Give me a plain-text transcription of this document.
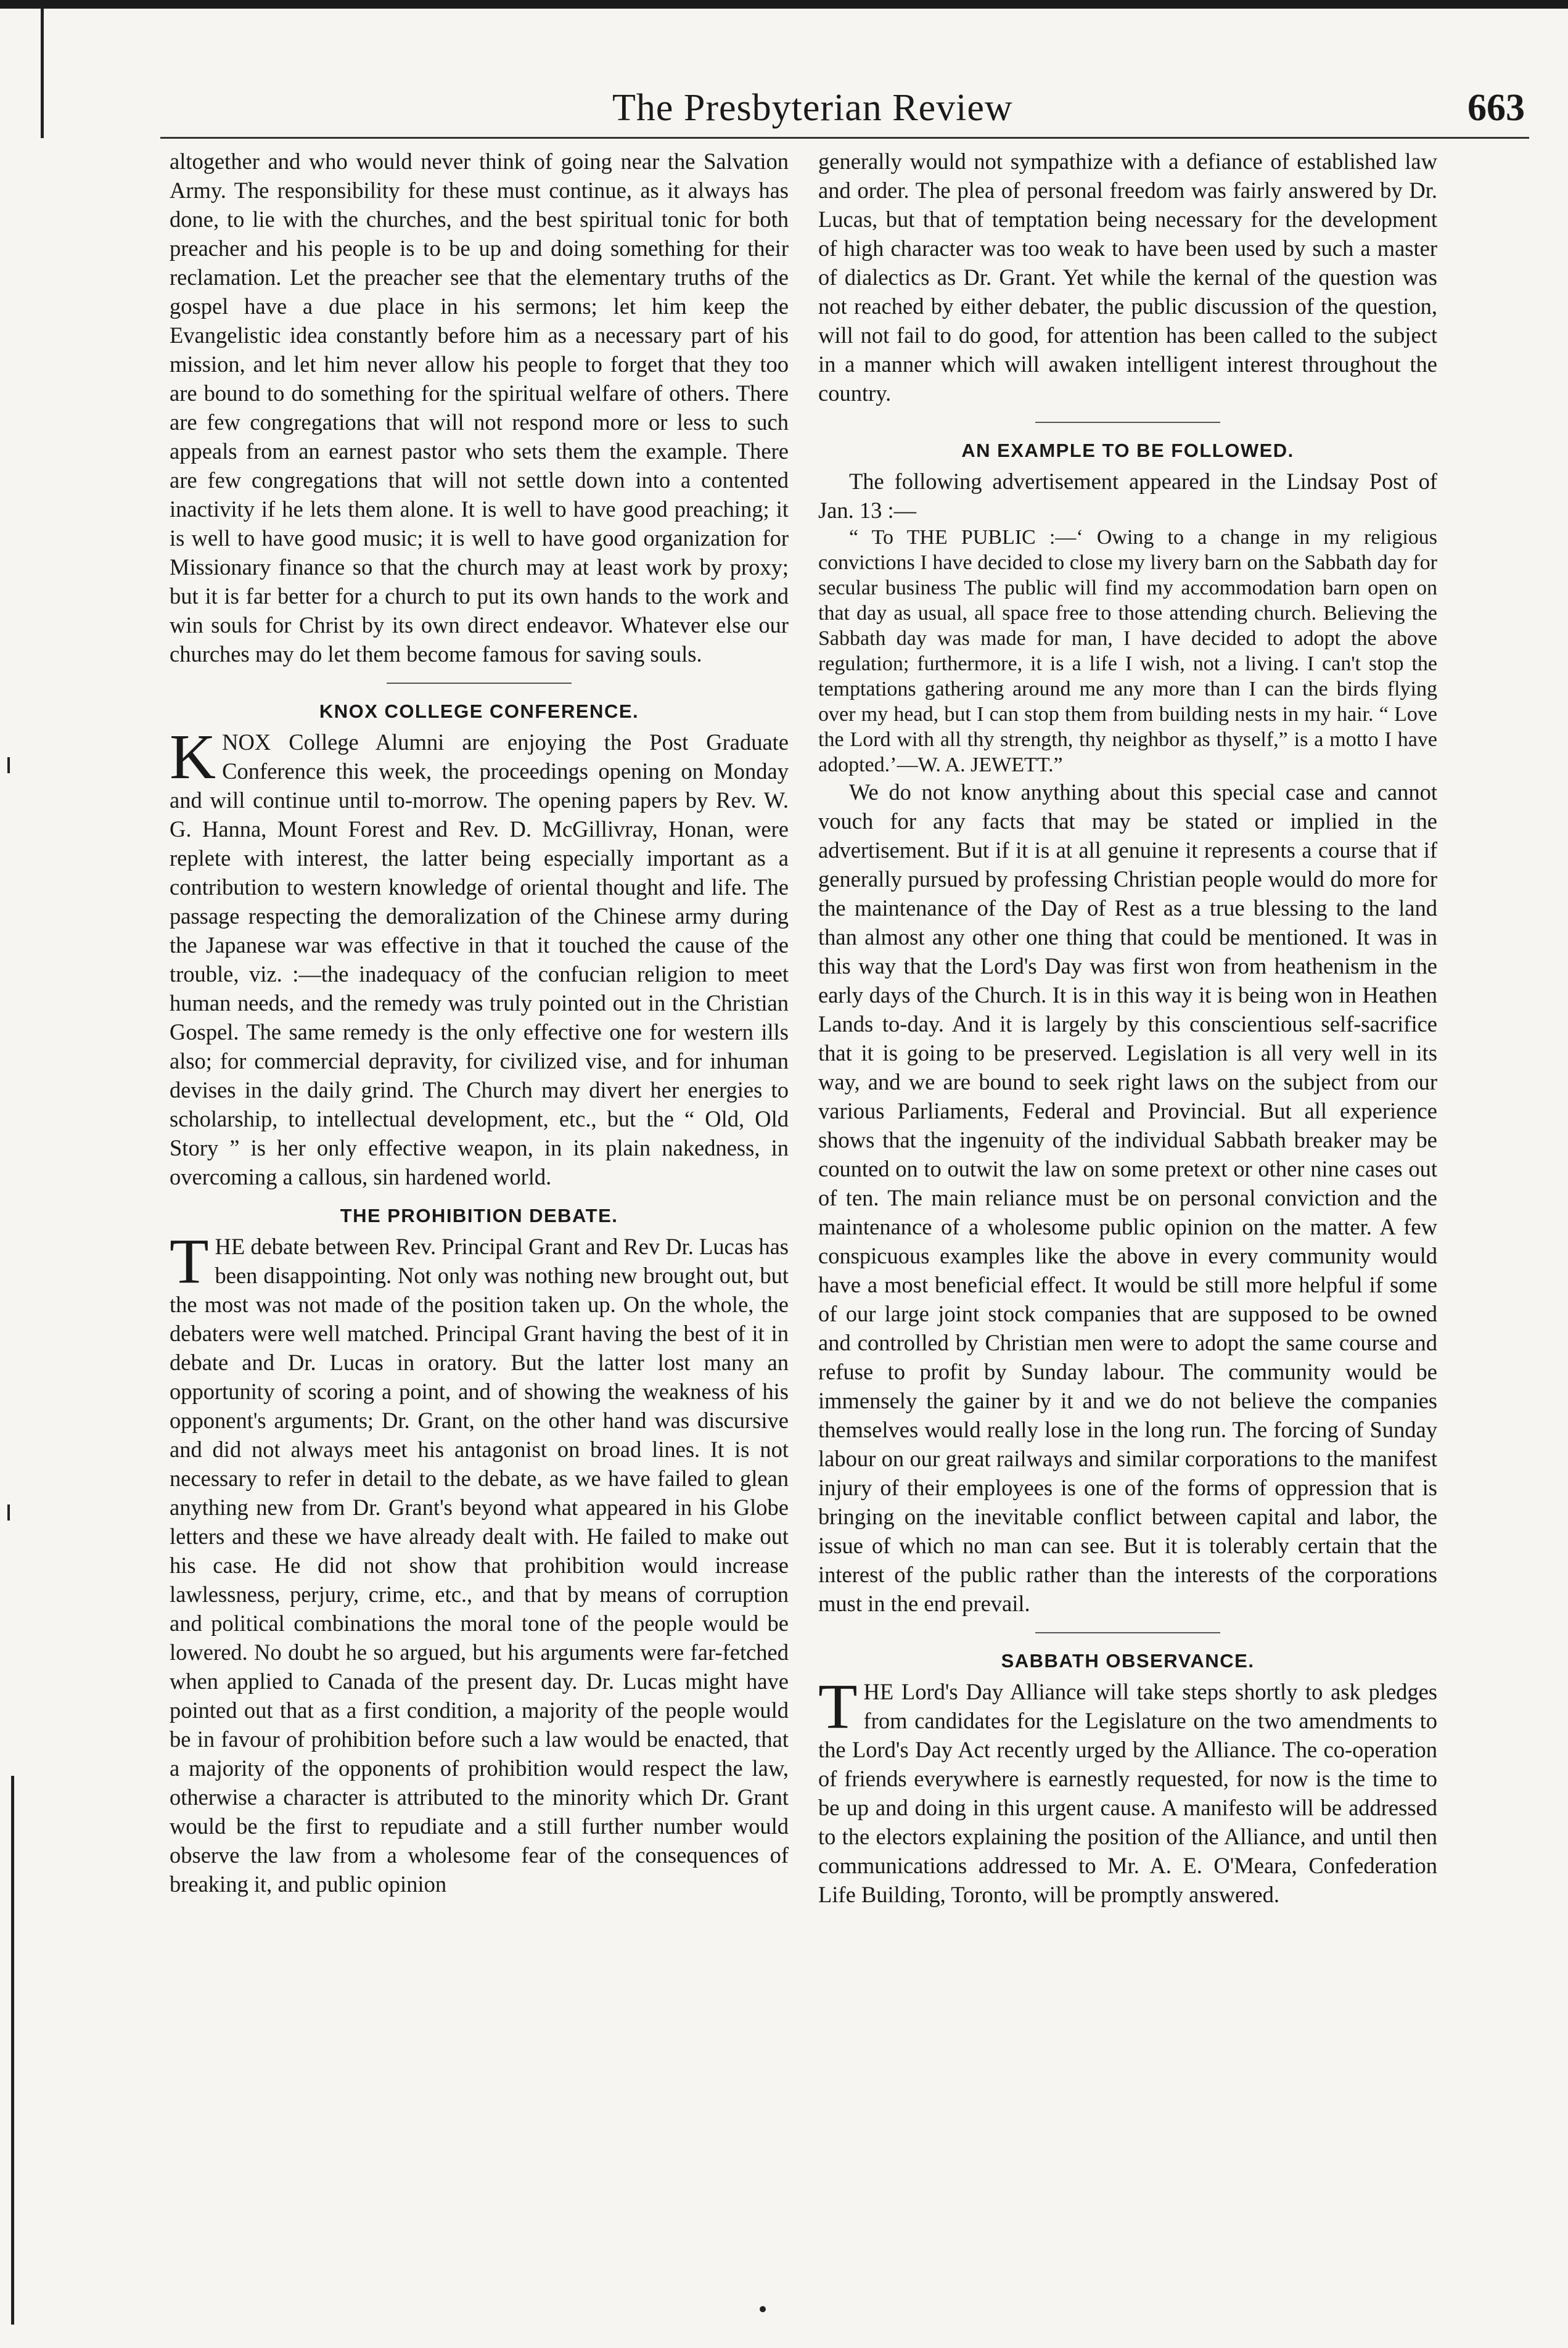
The Presbyterian Review	663

altogether and who would never think of going near the Salvation Army. The responsibility for these must continue, as it always has done, to lie with the churches, and the best spiritual tonic for both preacher and his people is to be up and doing something for their reclamation. Let the preacher see that the elementary truths of the gospel have a due place in his sermons; let him keep the Evangelistic idea constantly before him as a necessary part of his mission, and let him never allow his people to forget that they too are bound to do something for the spiritual welfare of others. There are few congregations that will not respond more or less to such appeals from an earnest pastor who sets them the example. There are few congregations that will not settle down into a contented inactivity if he lets them alone. It is well to have good preaching; it is well to have good music; it is well to have good organization for Missionary finance so that the church may at least work by proxy; but it is far better for a church to put its own hands to the work and win souls for Christ by its own direct endeavor. Whatever else our churches may do let them become famous for saving souls.

KNOX COLLEGE CONFERENCE.

KNOX College Alumni are enjoying the Post Graduate Conference this week, the proceedings opening on Monday and will continue until to-morrow. The opening papers by Rev. W. G. Hanna, Mount Forest and Rev. D. McGillivray, Honan, were replete with interest, the latter being especially important as a contribution to western knowledge of oriental thought and life. The passage respecting the demoralization of the Chinese army during the Japanese war was effective in that it touched the cause of the trouble, viz. :—the inadequacy of the confucian religion to meet human needs, and the remedy was truly pointed out in the Christian Gospel. The same remedy is the only effective one for western ills also; for commercial depravity, for civilized vise, and for inhuman devises in the daily grind. The Church may divert her energies to scholarship, to intellectual development, etc., but the “ Old, Old Story ” is her only effective weapon, in its plain nakedness, in overcoming a callous, sin hardened world.

THE PROHIBITION DEBATE.

THE debate between Rev. Principal Grant and Rev Dr. Lucas has been disappointing. Not only was nothing new brought out, but the most was not made of the position taken up. On the whole, the debaters were well matched. Principal Grant having the best of it in debate and Dr. Lucas in oratory. But the latter lost many an opportunity of scoring a point, and of showing the weakness of his opponent's arguments; Dr. Grant, on the other hand was discursive and did not always meet his antagonist on broad lines. It is not necessary to refer in detail to the debate, as we have failed to glean anything new from Dr. Grant's beyond what appeared in his Globe letters and these we have already dealt with. He failed to make out his case. He did not show that prohibition would increase lawlessness, perjury, crime, etc., and that by means of corruption and political combinations the moral tone of the people would be lowered. No doubt he so argued, but his arguments were far-fetched when applied to Canada of the present day. Dr. Lucas might have pointed out that as a first condition, a majority of the people would be in favour of prohibition before such a law would be enacted, that a majority of the opponents of prohibition would respect the law, otherwise a character is attributed to the minority which Dr. Grant would be the first to repudiate and a still further number would observe the law from a wholesome fear of the consequences of breaking it, and public opinion

generally would not sympathize with a defiance of established law and order. The plea of personal freedom was fairly answered by Dr. Lucas, but that of temptation being necessary for the development of high character was too weak to have been used by such a master of dialectics as Dr. Grant. Yet while the kernal of the question was not reached by either debater, the public discussion of the question, will not fail to do good, for attention has been called to the subject in a manner which will awaken intelligent interest throughout the country.

AN EXAMPLE TO BE FOLLOWED.

The following advertisement appeared in the Lindsay Post of Jan. 13 :—

“ To THE PUBLIC :—‘ Owing to a change in my religious convictions I have decided to close my livery barn on the Sabbath day for secular business The public will find my accommodation barn open on that day as usual, all space free to those attending church. Believing the Sabbath day was made for man, I have decided to adopt the above regulation; furthermore, it is a life I wish, not a living. I can't stop the temptations gathering around me any more than I can the birds flying over my head, but I can stop them from building nests in my hair. “ Love the Lord with all thy strength, thy neighbor as thyself,” is a motto I have adopted.’—W. A. JEWETT.”

We do not know anything about this special case and cannot vouch for any facts that may be stated or implied in the advertisement. But if it is at all genuine it represents a course that if generally pursued by professing Christian people would do more for the maintenance of the Day of Rest as a true blessing to the land than almost any other one thing that could be mentioned. It was in this way that the Lord's Day was first won from heathenism in the early days of the Church. It is in this way it is being won in Heathen Lands to-day. And it is largely by this conscientious self-sacrifice that it is going to be preserved. Legislation is all very well in its way, and we are bound to seek right laws on the subject from our various Parliaments, Federal and Provincial. But all experience shows that the ingenuity of the individual Sabbath breaker may be counted on to outwit the law on some pretext or other nine cases out of ten. The main reliance must be on personal conviction and the maintenance of a wholesome public opinion on the matter. A few conspicuous examples like the above in every community would have a most beneficial effect. It would be still more helpful if some of our large joint stock companies that are supposed to be owned and controlled by Christian men were to adopt the same course and refuse to profit by Sunday labour. The community would be immensely the gainer by it and we do not believe the companies themselves would really lose in the long run. The forcing of Sunday labour on our great railways and similar corporations to the manifest injury of their employees is one of the forms of oppression that is bringing on the inevitable conflict between capital and labor, the issue of which no man can see. But it is tolerably certain that the interest of the public rather than the interests of the corporations must in the end prevail.

SABBATH OBSERVANCE.

THE Lord's Day Alliance will take steps shortly to ask pledges from candidates for the Legislature on the two amendments to the Lord's Day Act recently urged by the Alliance. The co-operation of friends everywhere is earnestly requested, for now is the time to be up and doing in this urgent cause. A manifesto will be addressed to the electors explaining the position of the Alliance, and until then communications addressed to Mr. A. E. O'Meara, Confederation Life Building, Toronto, will be promptly answered.
